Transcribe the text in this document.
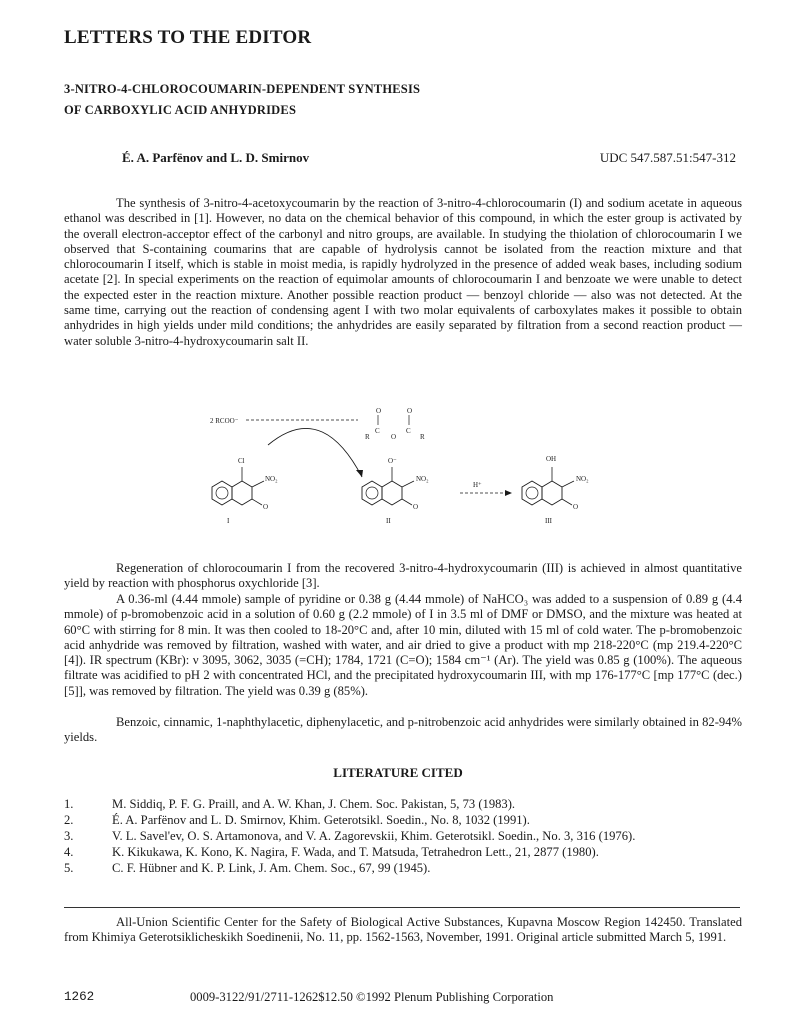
LETTERS TO THE EDITOR
3-NITRO-4-CHLOROCOUMARIN-DEPENDENT SYNTHESIS
OF CARBOXYLIC ACID ANHYDRIDES
É. A. Parfënov and L. D. Smirnov	UDC 547.587.51:547-312

The synthesis of 3-nitro-4-acetoxycoumarin by the reaction of 3-nitro-4-chlorocoumarin (I) and sodium acetate in aqueous ethanol was described in [1]. However, no data on the chemical behavior of this compound, in which the ester group is activated by the overall electron-acceptor effect of the carbonyl and nitro groups, are available. In studying the thiolation of chlorocoumarin I we observed that S-containing coumarins that are capable of hydrolysis cannot be isolated from the reaction mixture and that chlorocoumarin I itself, which is stable in moist media, is rapidly hydrolyzed in the presence of added weak bases, including sodium acetate [2]. In special experiments on the reaction of equimolar amounts of chlorocoumarin I and benzoate we were unable to detect the expected ester in the reaction mixture. Another possible reaction product — benzoyl chloride — also was not detected. At the same time, carrying out the reaction of condensing agent I with two molar equivalents of carboxylates makes it possible to obtain anhydrides in high yields under mild conditions; the anhydrides are easily separated by filtration from a second reaction product — water soluble 3-nitro-4-hydroxycoumarin salt II.

2 RCOO⁻
O	O
C	C
O
R	R
Cl
NO₂
O
I
O⁻
NO₂
O
II
H⁺
OH
NO₂
O
III

Regeneration of chlorocoumarin I from the recovered 3-nitro-4-hydroxycoumarin (III) is achieved in almost quantitative yield by reaction with phosphorus oxychloride [3].

A 0.36-ml (4.44 mmole) sample of pyridine or 0.38 g (4.44 mmole) of NaHCO₃ was added to a suspension of 0.89 g (4.4 mmole) of p-bromobenzoic acid in a solution of 0.60 g (2.2 mmole) of I in 3.5 ml of DMF or DMSO, and the mixture was heated at 60°C with stirring for 8 min. It was then cooled to 18-20°C and, after 10 min, diluted with 15 ml of cold water. The p-bromobenzoic acid anhydride was removed by filtration, washed with water, and air dried to give a product with mp 218-220°C (mp 219.4-220°C [4]). IR spectrum (KBr): ν 3095, 3062, 3035 (=CH); 1784, 1721 (C=O); 1584 cm⁻¹ (Ar). The yield was 0.85 g (100%). The aqueous filtrate was acidified to pH 2 with concentrated HCl, and the precipitated hydroxycoumarin III, with mp 176-177°C [mp 177°C (dec.) [5]], was removed by filtration. The yield was 0.39 g (85%).

Benzoic, cinnamic, 1-naphthylacetic, diphenylacetic, and p-nitrobenzoic acid anhydrides were similarly obtained in 82-94% yields.

LITERATURE CITED
1.	M. Siddiq, P. F. G. Praill, and A. W. Khan, J. Chem. Soc. Pakistan, 5, 73 (1983).
2.	É. A. Parfënov and L. D. Smirnov, Khim. Geterotsikl. Soedin., No. 8, 1032 (1991).
3.	V. L. Savel'ev, O. S. Artamonova, and V. A. Zagorevskii, Khim. Geterotsikl. Soedin., No. 3, 316 (1976).
4.	K. Kikukawa, K. Kono, K. Nagira, F. Wada, and T. Matsuda, Tetrahedron Lett., 21, 2877 (1980).
5.	C. F. Hübner and K. P. Link, J. Am. Chem. Soc., 67, 99 (1945).

All-Union Scientific Center for the Safety of Biological Active Substances, Kupavna Moscow Region 142450. Translated from Khimiya Geterotsiklicheskikh Soedinenii, No. 11, pp. 1562-1563, November, 1991. Original article submitted March 5, 1991.

1262	0009-3122/91/2711-1262$12.50 ©1992 Plenum Publishing Corporation
